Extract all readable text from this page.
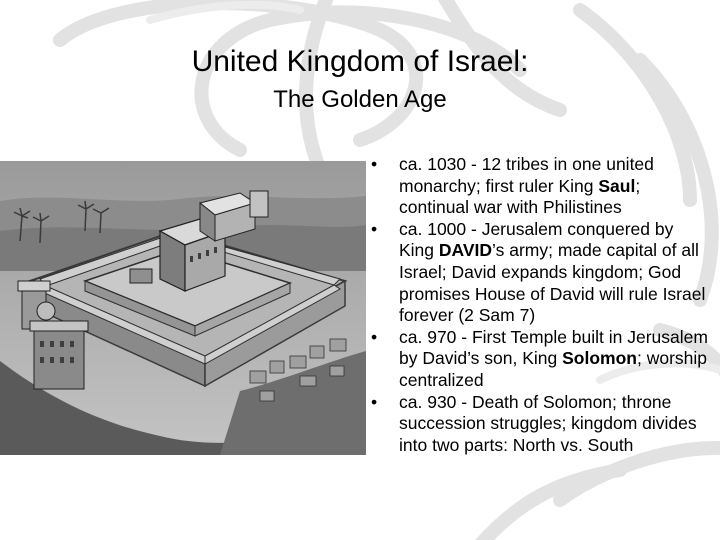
United Kingdom of Israel:
The Golden Age
•	ca. 1030 - 12 tribes in one united monarchy; first ruler King Saul; continual war with Philistines
•	ca. 1000 - Jerusalem conquered by King DAVID’s army; made capital of all Israel; David expands kingdom; God promises House of David will rule Israel forever (2 Sam 7)
•	ca. 970 - First Temple built in Jerusalem by David’s son, King Solomon; worship centralized
•	ca. 930 - Death of Solomon; throne succession struggles; kingdom divides into two parts: North vs. South
